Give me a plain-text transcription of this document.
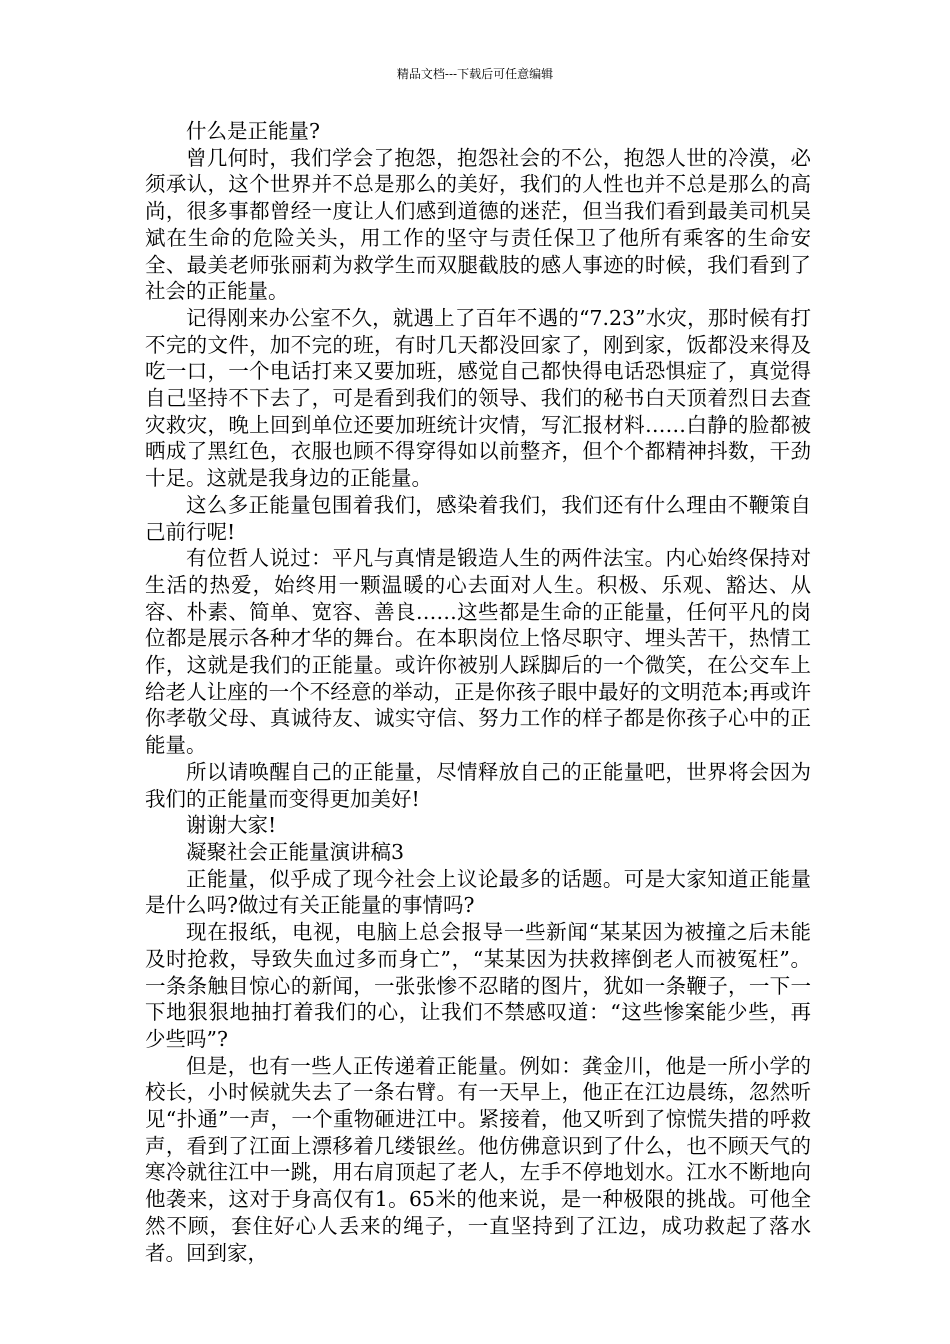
精品文档---下载后可任意编辑

什么是正能量?

曾几何时，我们学会了抱怨，抱怨社会的不公，抱怨人世的冷漠，必须承认，这个世界并不总是那么的美好，我们的人性也并不总是那么的高尚，很多事都曾经一度让人们感到道德的迷茫，但当我们看到最美司机吴斌在生命的危险关头，用工作的坚守与责任保卫了他所有乘客的生命安全、最美老师张丽莉为救学生而双腿截肢的感人事迹的时候，我们看到了社会的正能量。

记得刚来办公室不久，就遇上了百年不遇的“7.23”水灾，那时候有打不完的文件，加不完的班，有时几天都没回家了，刚到家，饭都没来得及吃一口，一个电话打来又要加班，感觉自己都快得电话恐惧症了，真觉得自己坚持不下去了，可是看到我们的领导、我们的秘书白天顶着烈日去查灾救灾，晚上回到单位还要加班统计灾情，写汇报材料……白静的脸都被晒成了黑红色，衣服也顾不得穿得如以前整齐，但个个都精神抖数，干劲十足。这就是我身边的正能量。

这么多正能量包围着我们，感染着我们，我们还有什么理由不鞭策自己前行呢!

有位哲人说过：平凡与真情是锻造人生的两件法宝。内心始终保持对生活的热爱，始终用一颗温暖的心去面对人生。积极、乐观、豁达、从容、朴素、简单、宽容、善良……这些都是生命的正能量，任何平凡的岗位都是展示各种才华的舞台。在本职岗位上恪尽职守、埋头苦干，热情工作，这就是我们的正能量。或许你被别人踩脚后的一个微笑，在公交车上给老人让座的一个不经意的举动，正是你孩子眼中最好的文明范本;再或许你孝敬父母、真诚待友、诚实守信、努力工作的样子都是你孩子心中的正能量。

所以请唤醒自己的正能量，尽情释放自己的正能量吧，世界将会因为我们的正能量而变得更加美好!

谢谢大家!

凝聚社会正能量演讲稿3

正能量，似乎成了现今社会上议论最多的话题。可是大家知道正能量是什么吗?做过有关正能量的事情吗?

现在报纸，电视，电脑上总会报导一些新闻“某某因为被撞之后未能及时抢救，导致失血过多而身亡”，“某某因为扶救摔倒老人而被冤枉”。一条条触目惊心的新闻，一张张惨不忍睹的图片，犹如一条鞭子，一下一下地狠狠地抽打着我们的心，让我们不禁感叹道：“这些惨案能少些，再少些吗”?

但是，也有一些人正传递着正能量。例如：龚金川，他是一所小学的校长，小时候就失去了一条右臂。有一天早上，他正在江边晨练，忽然听见“扑通”一声，一个重物砸进江中。紧接着，他又听到了惊慌失措的呼救声，看到了江面上漂移着几缕银丝。他仿佛意识到了什么，也不顾天气的寒冷就往江中一跳，用右肩顶起了老人，左手不停地划水。江水不断地向他袭来，这对于身高仅有1。65米的他来说，是一种极限的挑战。可他全然不顾，套住好心人丢来的绳子，一直坚持到了江边，成功救起了落水者。回到家，
